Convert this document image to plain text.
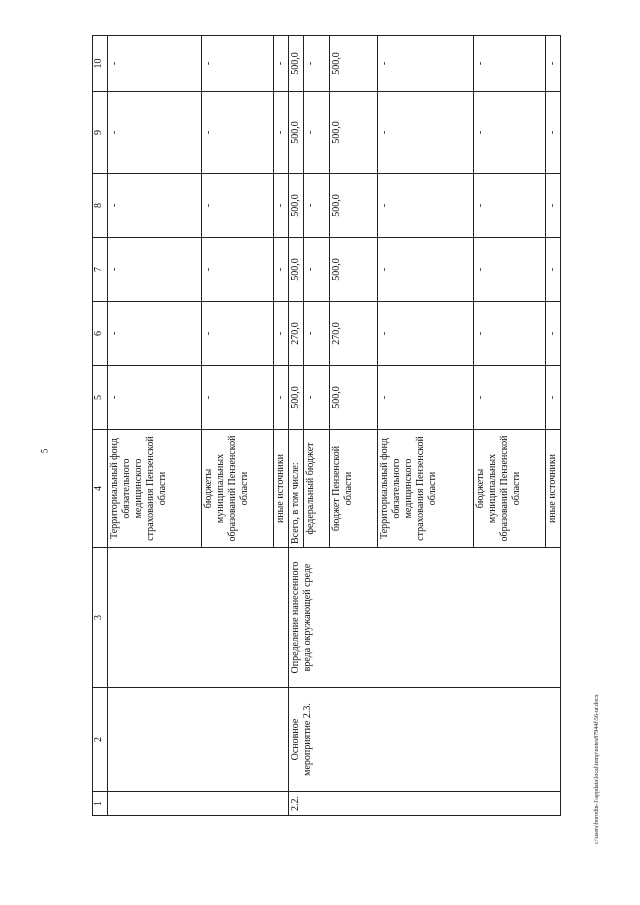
5
1	2	3	4	5	6	7	8	9	10
			Территориальный фонд обязательного медицинского страхования Пензенской области	-	-	-	-	-	-
			бюджеты муниципальных образований Пензенской области	-	-	-	-	-	-
			иные источники	-	-	-	-	-	-
2.2.	Основное мероприятие 2.3.	Определение нанесенного вреда окружающей среде	Всего, в том числе:	500,0	270,0	500,0	500,0	500,0	500,0
			федеральный бюджет	-	-	-	-	-	-
			бюджет Пензенской области	500,0	270,0	500,0	500,0	500,0	500,0
			Территориальный фонд обязательного медицинского страхования Пензенской области	-	-	-	-	-	-
			бюджеты муниципальных образований Пензенской области	-	-	-	-	-	-
			иные источники	-	-	-	-	-	-
c:\users\borodin-1\appdata\local\temp\notes87944f\56-ur.docx
